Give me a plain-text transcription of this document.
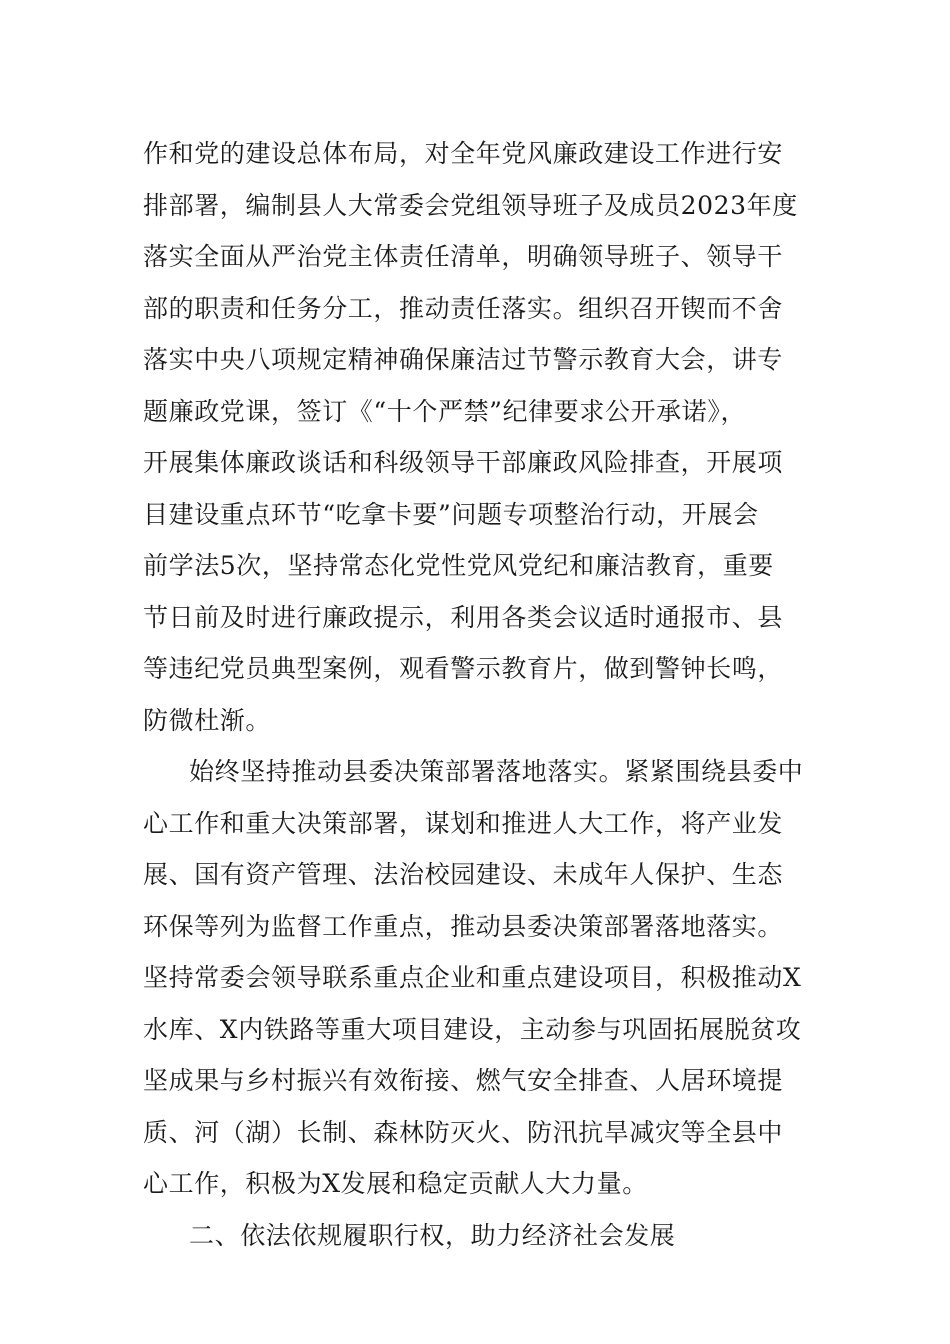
作和党的建设总体布局，对全年党风廉政建设工作进行安
排部署，编制县人大常委会党组领导班子及成员2023年度
落实全面从严治党主体责任清单，明确领导班子、领导干
部的职责和任务分工，推动责任落实。组织召开锲而不舍
落实中央八项规定精神确保廉洁过节警示教育大会，讲专
题廉政党课，签订《“十个严禁”纪律要求公开承诺》，
开展集体廉政谈话和科级领导干部廉政风险排查，开展项
目建设重点环节“吃拿卡要”问题专项整治行动，开展会
前学法5次，坚持常态化党性党风党纪和廉洁教育，重要
节日前及时进行廉政提示，利用各类会议适时通报市、县
等违纪党员典型案例，观看警示教育片，做到警钟长鸣，
防微杜渐。
始终坚持推动县委决策部署落地落实。紧紧围绕县委中
心工作和重大决策部署，谋划和推进人大工作，将产业发
展、国有资产管理、法治校园建设、未成年人保护、生态
环保等列为监督工作重点，推动县委决策部署落地落实。
坚持常委会领导联系重点企业和重点建设项目，积极推动X
水库、X内铁路等重大项目建设，主动参与巩固拓展脱贫攻
坚成果与乡村振兴有效衔接、燃气安全排查、人居环境提
质、河（湖）长制、森林防灭火、防汛抗旱减灾等全县中
心工作，积极为X发展和稳定贡献人大力量。
二、依法依规履职行权，助力经济社会发展
